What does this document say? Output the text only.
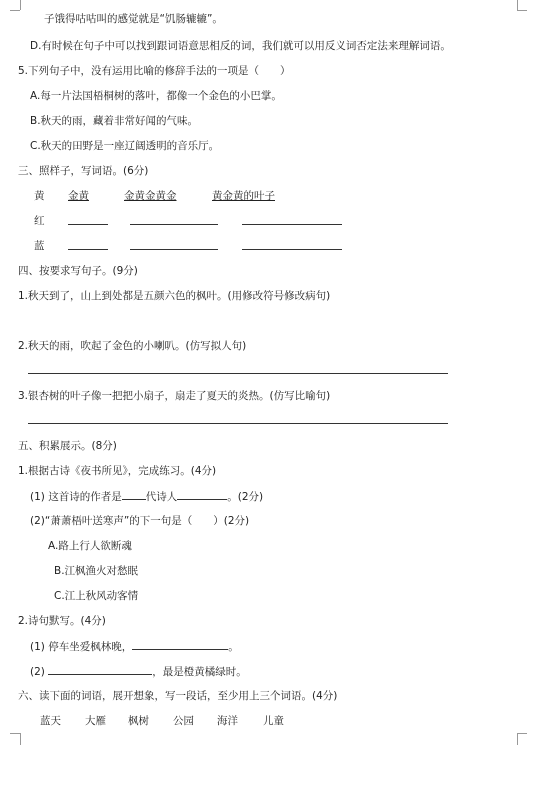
子饿得咕咕叫的感觉就是“饥肠辘辘”。
D.有时候在句子中可以找到跟词语意思相反的词，我们就可以用反义词否定法来理解词语。
5.下列句子中，没有运用比喻的修辞手法的一项是（　　）
A.每一片法国梧桐树的落叶，都像一个金色的小巴掌。
B.秋天的雨，藏着非常好闻的气味。
C.秋天的田野是一座辽阔透明的音乐厅。
三、照样子，写词语。(6分)
黄 金黄	金黄金黄金	黄金黄的叶子
红
蓝
四、按要求写句子。(9分)
1.秋天到了，山上到处都是五颜六色的枫叶。(用修改符号修改病句)
2.秋天的雨，吹起了金色的小喇叭。(仿写拟人句)
3.银杏树的叶子像一把把小扇子，扇走了夏天的炎热。(仿写比喻句)
五、积累展示。(8分)
1.根据古诗《夜书所见》，完成练习。(4分)
(1) 这首诗的作者是 代诗人	。(2分)
(2)“萧萧梧叶送寒声”的下一句是（　　）(2分)
A.路上行人欲断魂
B.江枫渔火对愁眠
C.江上秋风动客情
2.诗句默写。(4分)
(1) 停车坐爱枫林晚，	。
(2)	，最是橙黄橘绿时。
六、读下面的词语，展开想象，写一段话，至少用上三个词语。(4分)
蓝天 大雁 枫树 公园 海洋 儿童
